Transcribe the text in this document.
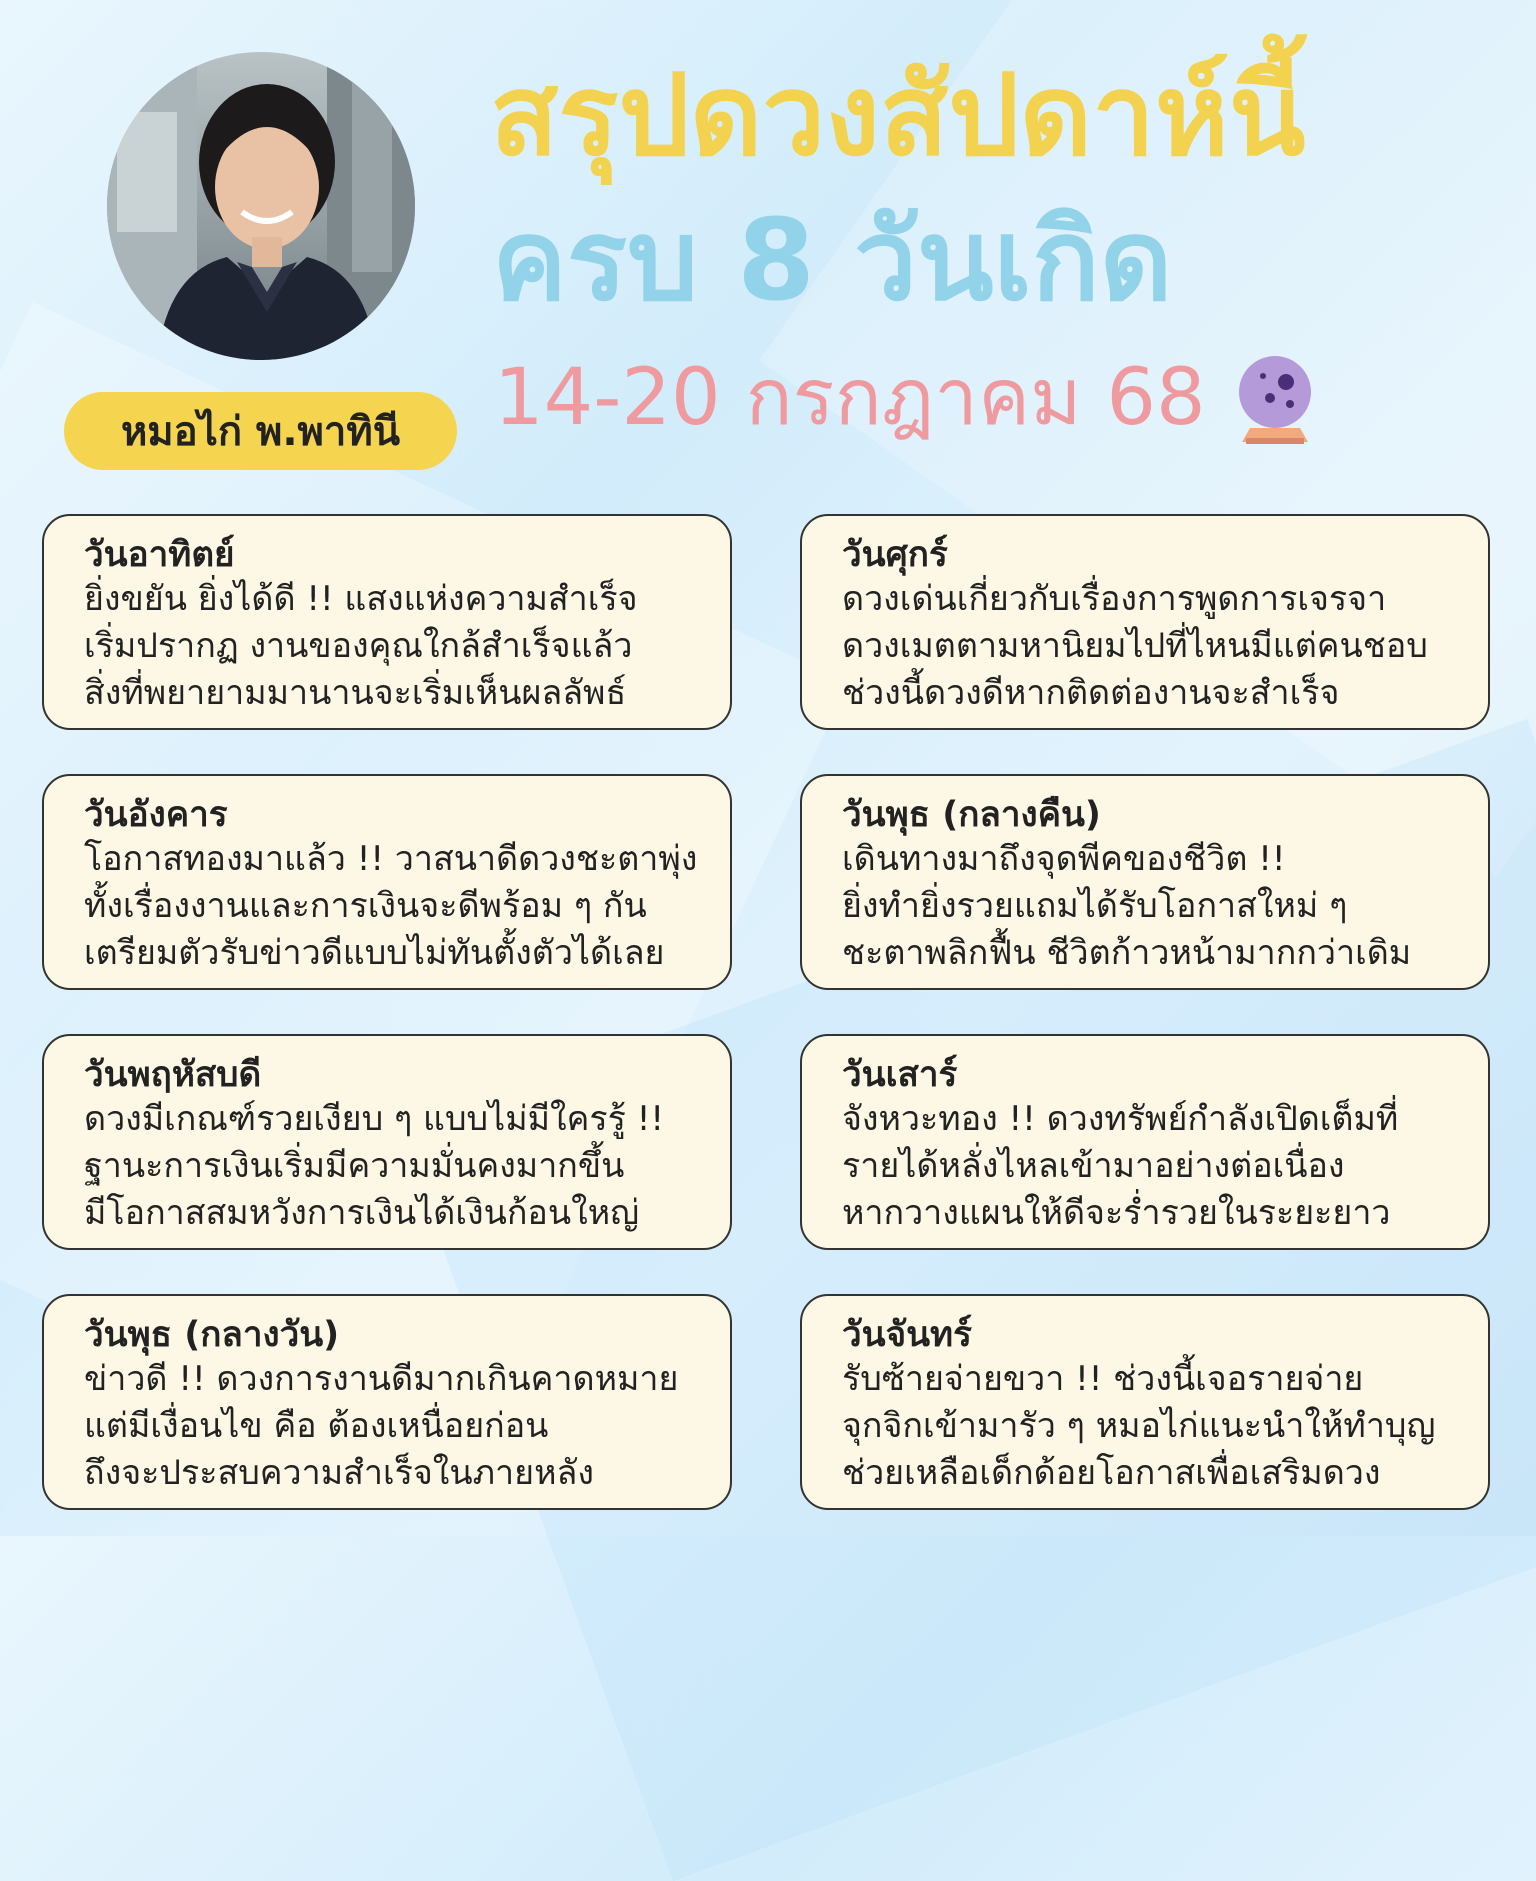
หมอไก่ พ.พาทินี
สรุปดวงสัปดาห์นี้
ครบ 8 วันเกิด
14-20 กรกฎาคม 68
วันอาทิตย์
ยิ่งขยัน ยิ่งได้ดี !! แสงแห่งความสำเร็จ
เริ่มปรากฏ งานของคุณใกล้สำเร็จแล้ว
สิ่งที่พยายามมานานจะเริ่มเห็นผลลัพธ์
วันอังคาร
โอกาสทองมาแล้ว !! วาสนาดีดวงชะตาพุ่ง
ทั้งเรื่องงานและการเงินจะดีพร้อม ๆ กัน
เตรียมตัวรับข่าวดีแบบไม่ทันตั้งตัวได้เลย
วันพฤหัสบดี
ดวงมีเกณฑ์รวยเงียบ ๆ แบบไม่มีใครรู้ !!
ฐานะการเงินเริ่มมีความมั่นคงมากขึ้น
มีโอกาสสมหวังการเงินได้เงินก้อนใหญ่
วันพุธ (กลางวัน)
ข่าวดี !! ดวงการงานดีมากเกินคาดหมาย
แต่มีเงื่อนไข คือ ต้องเหนื่อยก่อน
ถึงจะประสบความสำเร็จในภายหลัง
วันศุกร์
ดวงเด่นเกี่ยวกับเรื่องการพูดการเจรจา
ดวงเมตตามหานิยมไปที่ไหนมีแต่คนชอบ
ช่วงนี้ดวงดีหากติดต่องานจะสำเร็จ
วันพุธ (กลางคืน)
เดินทางมาถึงจุดพีคของชีวิต !!
ยิ่งทำยิ่งรวยแถมได้รับโอกาสใหม่ ๆ
ชะตาพลิกฟื้น ชีวิตก้าวหน้ามากกว่าเดิม
วันเสาร์
จังหวะทอง !! ดวงทรัพย์กำลังเปิดเต็มที่
รายได้หลั่งไหลเข้ามาอย่างต่อเนื่อง
หากวางแผนให้ดีจะร่ำรวยในระยะยาว
วันจันทร์
รับซ้ายจ่ายขวา !! ช่วงนี้เจอรายจ่าย
จุกจิกเข้ามารัว ๆ หมอไก่แนะนำให้ทำบุญ
ช่วยเหลือเด็กด้อยโอกาสเพื่อเสริมดวง
